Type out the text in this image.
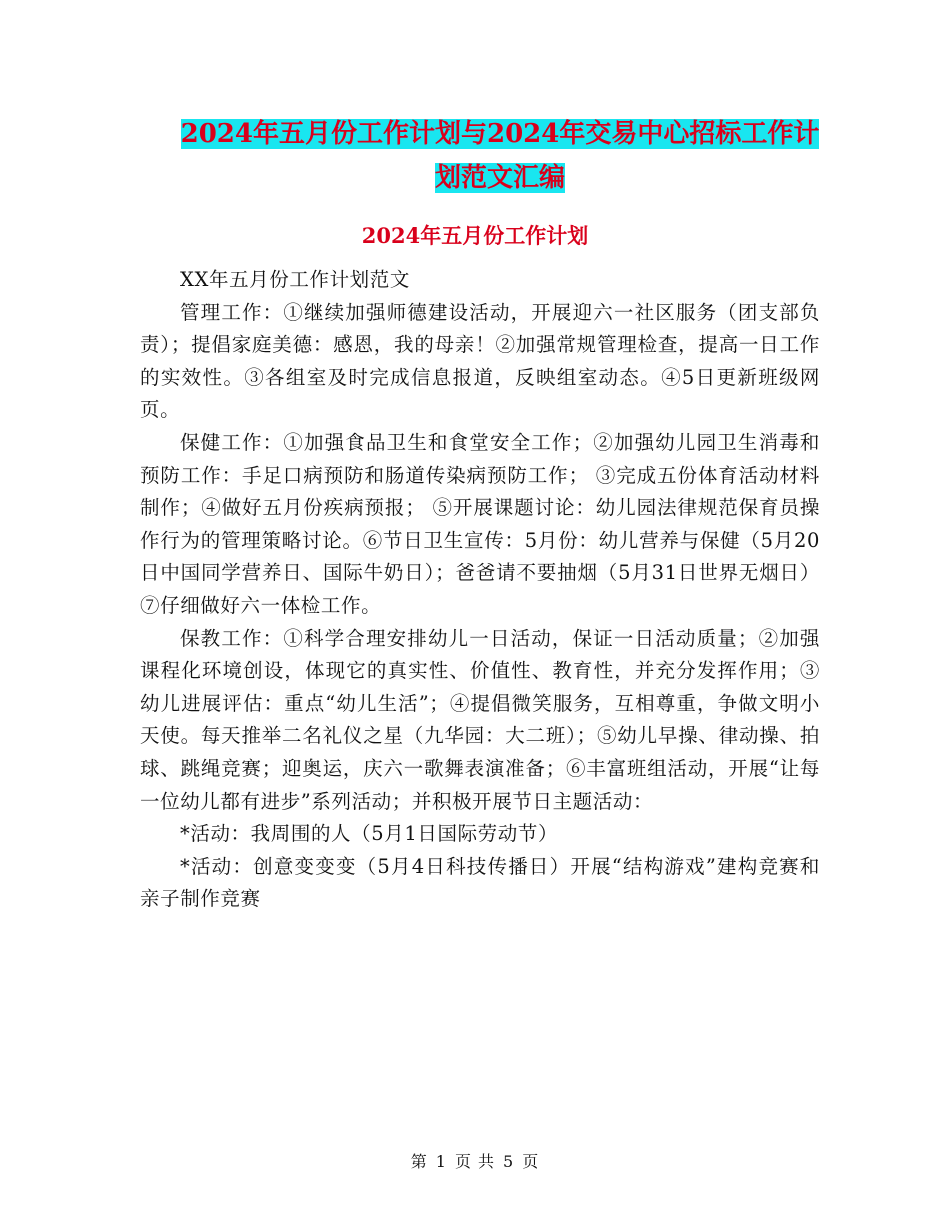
2024年五月份工作计划与2024年交易中心招标工作计
划范文汇编
2024年五月份工作计划

XX年五月份工作计划范文

管理工作：①继续加强师德建设活动，开展迎六一社区服务（团支部负责）；提倡家庭美德：感恩，我的母亲！②加强常规管理检查，提高一日工作的实效性。③各组室及时完成信息报道，反映组室动态。④5日更新班级网页。

保健工作：①加强食品卫生和食堂安全工作；②加强幼儿园卫生消毒和预防工作：手足口病预防和肠道传染病预防工作； ③完成五份体育活动材料制作；④做好五月份疾病预报； ⑤开展课题讨论：幼儿园法律规范保育员操作行为的管理策略讨论。⑥节日卫生宣传：5月份：幼儿营养与保健（5月20日中国同学营养日、国际牛奶日）；爸爸请不要抽烟（5月31日世界无烟日）⑦仔细做好六一体检工作。

保教工作：①科学合理安排幼儿一日活动，保证一日活动质量；②加强课程化环境创设，体现它的真实性、价值性、教育性，并充分发挥作用；③幼儿进展评估：重点“幼儿生活”；④提倡微笑服务，互相尊重，争做文明小天使。每天推举二名礼仪之星（九华园：大二班）；⑤幼儿早操、律动操、拍球、跳绳竞赛；迎奥运，庆六一歌舞表演准备；⑥丰富班组活动，开展“让每一位幼儿都有进步”系列活动；并积极开展节日主题活动：

*活动：我周围的人（5月1日国际劳动节）

*活动：创意变变变（5月4日科技传播日）开展“结构游戏”建构竞赛和亲子制作竞赛

第 1 页 共 5 页
